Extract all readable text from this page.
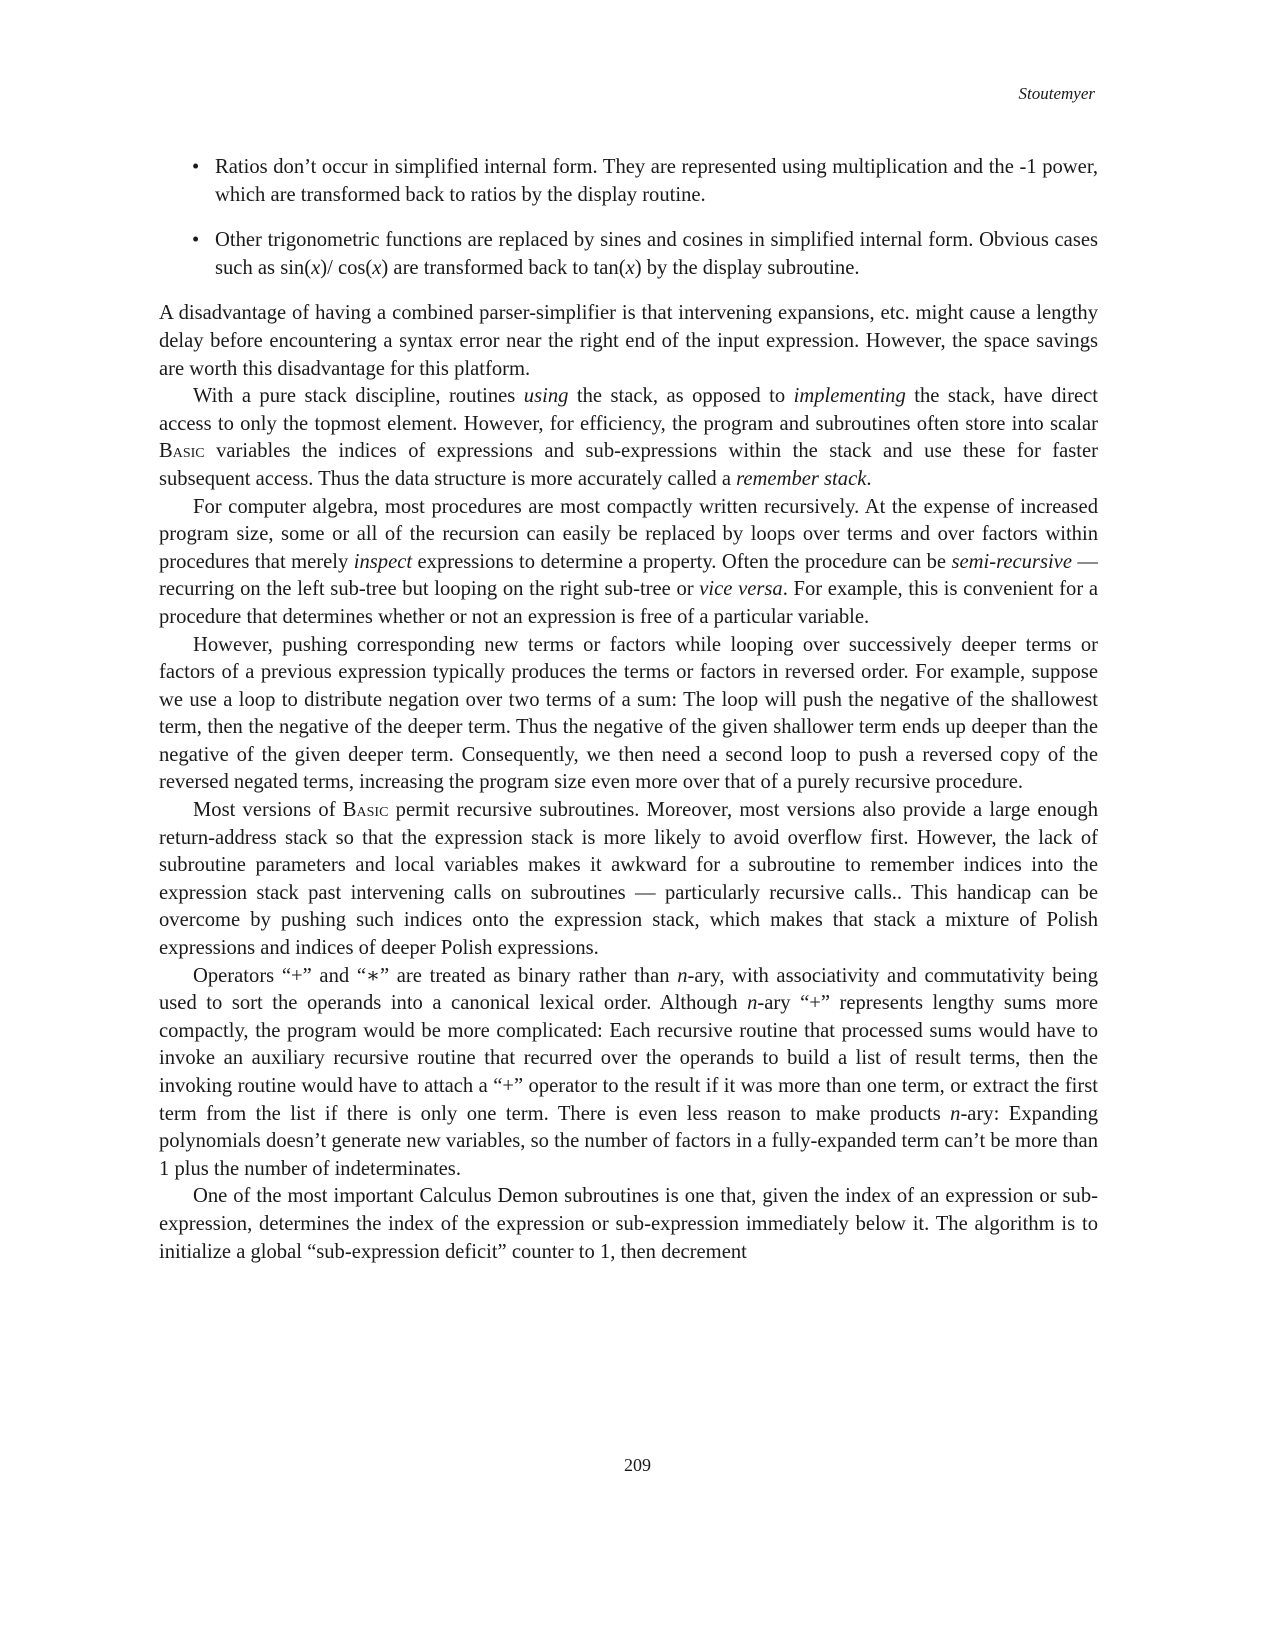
Stoutemyer
• Ratios don’t occur in simplified internal form. They are represented using multiplication and the -1 power, which are transformed back to ratios by the display routine.
• Other trigonometric functions are replaced by sines and cosines in simplified internal form. Obvious cases such as sin(x)/ cos(x) are transformed back to tan(x) by the display subroutine.

A disadvantage of having a combined parser-simplifier is that intervening expansions, etc. might cause a lengthy delay before encountering a syntax error near the right end of the input expression. However, the space savings are worth this disadvantage for this platform.

With a pure stack discipline, routines using the stack, as opposed to implementing the stack, have direct access to only the topmost element. However, for efficiency, the program and subroutines often store into scalar Basic variables the indices of expressions and sub-expressions within the stack and use these for faster subsequent access. Thus the data structure is more accurately called a remember stack.

For computer algebra, most procedures are most compactly written recursively. At the expense of increased program size, some or all of the recursion can easily be replaced by loops over terms and over factors within procedures that merely inspect expressions to determine a property. Often the procedure can be semi-recursive — recurring on the left sub-tree but looping on the right sub-tree or vice versa. For example, this is convenient for a procedure that determines whether or not an expression is free of a particular variable.

However, pushing corresponding new terms or factors while looping over successively deeper terms or factors of a previous expression typically produces the terms or factors in reversed order. For example, suppose we use a loop to distribute negation over two terms of a sum: The loop will push the negative of the shallowest term, then the negative of the deeper term. Thus the negative of the given shallower term ends up deeper than the negative of the given deeper term. Consequently, we then need a second loop to push a reversed copy of the reversed negated terms, increasing the program size even more over that of a purely recursive procedure.

Most versions of Basic permit recursive subroutines. Moreover, most versions also provide a large enough return-address stack so that the expression stack is more likely to avoid overflow first. However, the lack of subroutine parameters and local variables makes it awkward for a subroutine to remember indices into the expression stack past intervening calls on subroutines — particularly recursive calls.. This handicap can be overcome by pushing such indices onto the expression stack, which makes that stack a mixture of Polish expressions and indices of deeper Polish expressions.

Operators “+” and “∗” are treated as binary rather than n-ary, with associativity and commutativity being used to sort the operands into a canonical lexical order. Although n-ary “+” represents lengthy sums more compactly, the program would be more complicated: Each recursive routine that processed sums would have to invoke an auxiliary recursive routine that recurred over the operands to build a list of result terms, then the invoking routine would have to attach a “+” operator to the result if it was more than one term, or extract the first term from the list if there is only one term. There is even less reason to make products n-ary: Expanding polynomials doesn’t generate new variables, so the number of factors in a fully-expanded term can’t be more than 1 plus the number of indeterminates.

One of the most important Calculus Demon subroutines is one that, given the index of an expression or sub-expression, determines the index of the expression or sub-expression immediately below it. The algorithm is to initialize a global “sub-expression deficit” counter to 1, then decrement

209
